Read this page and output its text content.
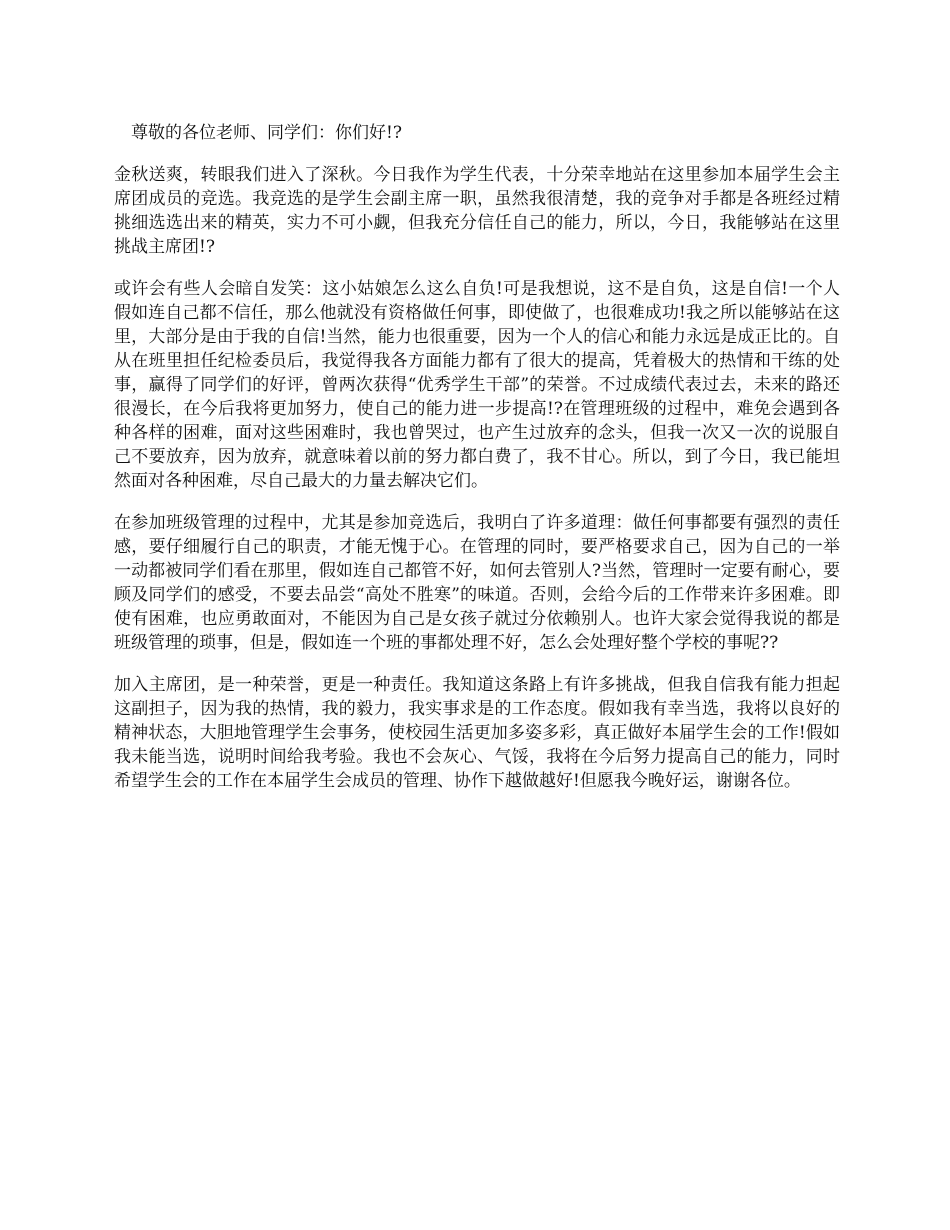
尊敬的各位老师、同学们：你们好!?

金秋送爽，转眼我们进入了深秋。今日我作为学生代表，十分荣幸地站在这里参加本届学生会主席团成员的竞选。我竞选的是学生会副主席一职，虽然我很清楚，我的竞争对手都是各班经过精挑细选选出来的精英，实力不可小觑，但我充分信任自己的能力，所以，今日，我能够站在这里挑战主席团!?

或许会有些人会暗自发笑：这小姑娘怎么这么自负!可是我想说，这不是自负，这是自信!一个人假如连自己都不信任，那么他就没有资格做任何事，即使做了，也很难成功!我之所以能够站在这里，大部分是由于我的自信!当然，能力也很重要，因为一个人的信心和能力永远是成正比的。自从在班里担任纪检委员后，我觉得我各方面能力都有了很大的提高，凭着极大的热情和干练的处事，赢得了同学们的好评，曾两次获得“优秀学生干部”的荣誉。不过成绩代表过去，未来的路还很漫长，在今后我将更加努力，使自己的能力进一步提高!?在管理班级的过程中，难免会遇到各种各样的困难，面对这些困难时，我也曾哭过，也产生过放弃的念头，但我一次又一次的说服自己不要放弃，因为放弃，就意味着以前的努力都白费了，我不甘心。所以，到了今日，我已能坦然面对各种困难，尽自己最大的力量去解决它们。

在参加班级管理的过程中，尤其是参加竞选后，我明白了许多道理：做任何事都要有强烈的责任感，要仔细履行自己的职责，才能无愧于心。在管理的同时，要严格要求自己，因为自己的一举一动都被同学们看在那里，假如连自己都管不好，如何去管别人?当然，管理时一定要有耐心，要顾及同学们的感受，不要去品尝“高处不胜寒”的味道。否则，会给今后的工作带来许多困难。即使有困难，也应勇敢面对，不能因为自己是女孩子就过分依赖别人。也许大家会觉得我说的都是班级管理的琐事，但是，假如连一个班的事都处理不好，怎么会处理好整个学校的事呢??

加入主席团，是一种荣誉，更是一种责任。我知道这条路上有许多挑战，但我自信我有能力担起这副担子，因为我的热情，我的毅力，我实事求是的工作态度。假如我有幸当选，我将以良好的精神状态，大胆地管理学生会事务，使校园生活更加多姿多彩，真正做好本届学生会的工作!假如我未能当选，说明时间给我考验。我也不会灰心、气馁，我将在今后努力提高自己的能力，同时希望学生会的工作在本届学生会成员的管理、协作下越做越好!但愿我今晚好运，谢谢各位。
